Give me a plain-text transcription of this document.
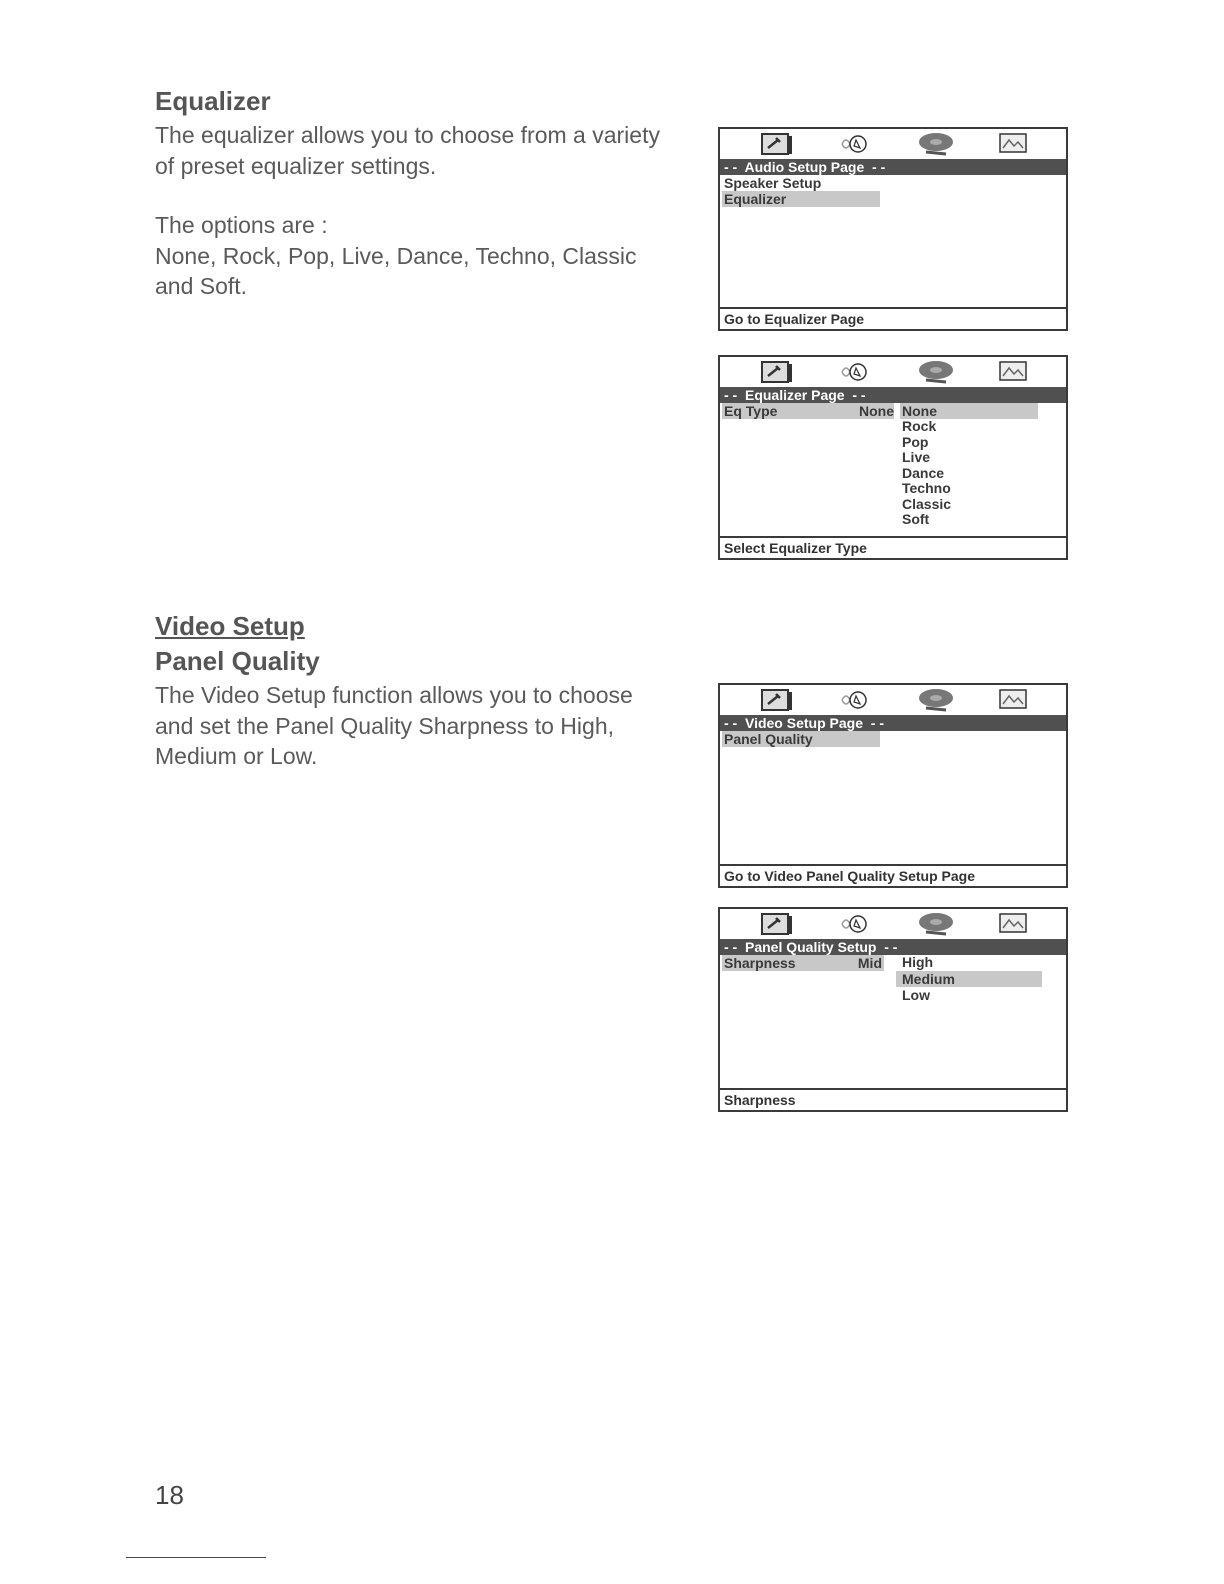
Equalizer
The equalizer allows you to choose from a variety
of preset equalizer settings.
The options are :
None, Rock, Pop, Live, Dance, Techno, Classic
and Soft.
Video Setup
Panel Quality
The Video Setup function allows you to choose
and set the Panel Quality Sharpness to High,
Medium or Low.
18
- -  Audio Setup Page  - -
Speaker Setup
Equalizer
Go to Equalizer Page
- -  Equalizer Page  - -
Eq Type	None None
Rock
Pop
Live
Dance
Techno
Classic
Soft
Select Equalizer Type
- -  Video Setup Page  - -
Panel Quality
Go to Video Panel Quality Setup Page
- -  Panel Quality Setup  - -
Sharpness	Mid High
Medium
Low
Sharpness
